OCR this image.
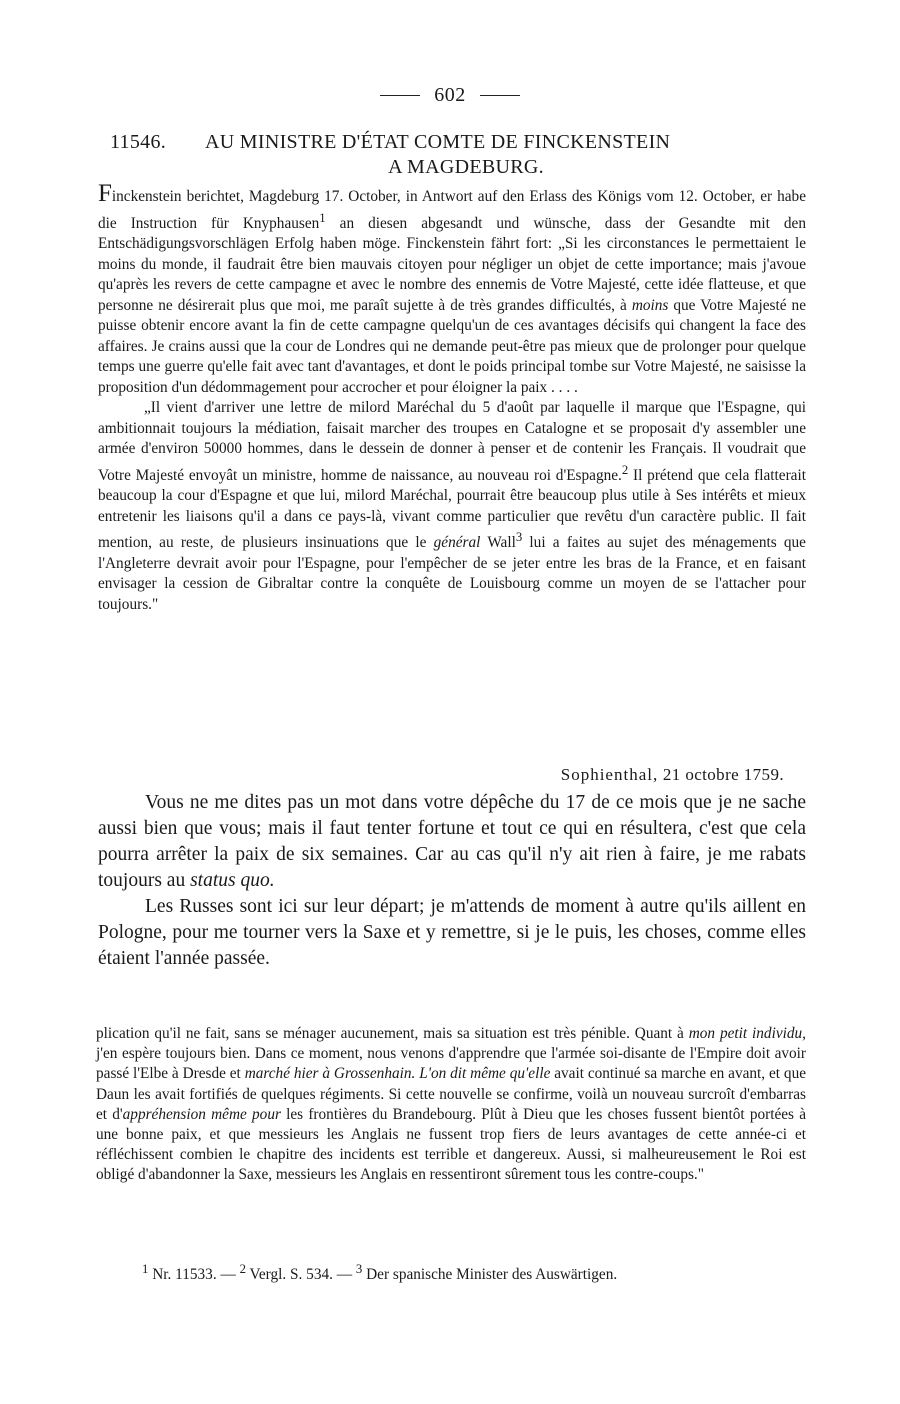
602
11546.	AU MINISTRE D'ÉTAT COMTE DE FINCKENSTEIN
A MAGDEBURG.

Finckenstein berichtet, Magdeburg 17. October, in Antwort auf den Erlass des Königs vom 12. October, er habe die Instruction für Knyphausen$^1$ an diesen abgesandt und wünsche, dass der Gesandte mit den Entschädigungsvorschlägen Erfolg haben möge. Finckenstein fährt fort: „Si les circonstances le permettaient le moins du monde, il faudrait être bien mauvais citoyen pour négliger un objet de cette importance; mais j'avoue qu'après les revers de cette campagne et avec le nombre des ennemis de Votre Majesté, cette idée flatteuse, et que personne ne désirerait plus que moi, me paraît sujette à de très grandes difficultés, à moins que Votre Majesté ne puisse obtenir encore avant la fin de cette campagne quelqu'un de ces avantages décisifs qui changent la face des affaires. Je crains aussi que la cour de Londres qui ne demande peut-être pas mieux que de prolonger pour quelque temps une guerre qu'elle fait avec tant d'avantages, et dont le poids principal tombe sur Votre Majesté, ne saisisse la proposition d'un dédommagement pour accrocher et pour éloigner la paix . . . .

„Il vient d'arriver une lettre de milord Maréchal du 5 d'août par laquelle il marque que l'Espagne, qui ambitionnait toujours la médiation, faisait marcher des troupes en Catalogne et se proposait d'y assembler une armée d'environ 50000 hommes, dans le dessein de donner à penser et de contenir les Français. Il voudrait que Votre Majesté envoyât un ministre, homme de naissance, au nouveau roi d'Espagne.$^2$ Il prétend que cela flatterait beaucoup la cour d'Espagne et que lui, milord Maréchal, pourrait être beaucoup plus utile à Ses intérêts et mieux entretenir les liaisons qu'il a dans ce pays-là, vivant comme particulier que revêtu d'un caractère public. Il fait mention, au reste, de plusieurs insinuations que le général Wall$^3$ lui a faites au sujet des ménagements que l'Angleterre devrait avoir pour l'Espagne, pour l'empêcher de se jeter entre les bras de la France, et en faisant envisager la cession de Gibraltar contre la conquête de Louisbourg comme un moyen de se l'attacher pour toujours."

Sophienthal, 21 octobre 1759.

Vous ne me dites pas un mot dans votre dépêche du 17 de ce mois que je ne sache aussi bien que vous; mais il faut tenter fortune et tout ce qui en résultera, c'est que cela pourra arrêter la paix de six semaines. Car au cas qu'il n'y ait rien à faire, je me rabats toujours au status quo.

Les Russes sont ici sur leur départ; je m'attends de moment à autre qu'ils aillent en Pologne, pour me tourner vers la Saxe et y remettre, si je le puis, les choses, comme elles étaient l'année passée.

plication qu'il ne fait, sans se ménager aucunement, mais sa situation est très pénible. Quant à mon petit individu, j'en espère toujours bien. Dans ce moment, nous venons d'apprendre que l'armée soi-disante de l'Empire doit avoir passé l'Elbe à Dresde et marché hier à Grossenhain. L'on dit même qu'elle avait continué sa marche en avant, et que Daun les avait fortifiés de quelques régiments. Si cette nouvelle se confirme, voilà un nouveau surcroît d'embarras et d'appréhension même pour les frontières du Brandebourg. Plût à Dieu que les choses fussent bientôt portées à une bonne paix, et que messieurs les Anglais ne fussent trop fiers de leurs avantages de cette année-ci et réfléchissent combien le chapitre des incidents est terrible et dangereux. Aussi, si malheureusement le Roi est obligé d'abandonner la Saxe, messieurs les Anglais en ressentiront sûrement tous les contre-coups."

$^1$ Nr. 11533. — $^2$ Vergl. S. 534. — $^3$ Der spanische Minister des Auswärtigen.
